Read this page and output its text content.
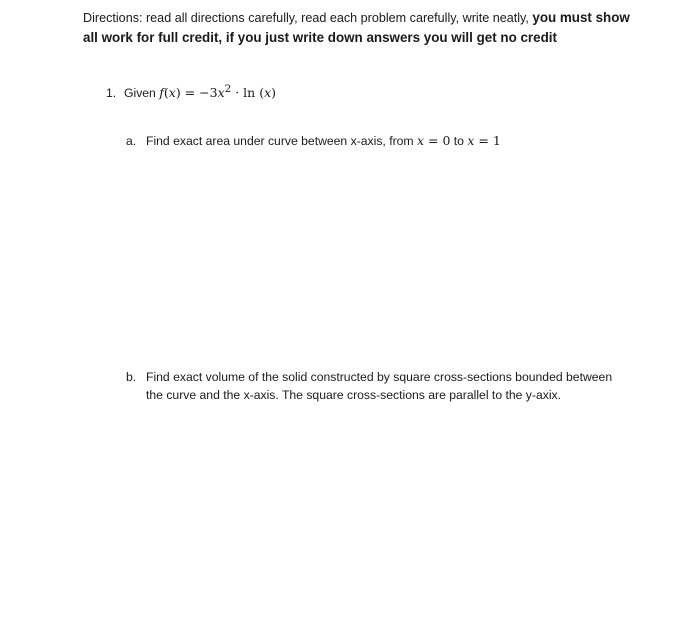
Directions: read all directions carefully, read each problem carefully, write neatly, you must show all work for full credit, if you just write down answers you will get no credit
1. Given $f(x) = -3x^2 \cdot \ln (x)$
a. Find exact area under curve between x-axis, from x = 0 to x = 1
b. Find exact volume of the solid constructed by square cross-sections bounded between the curve and the x-axis. The square cross-sections are parallel to the y-axix.
